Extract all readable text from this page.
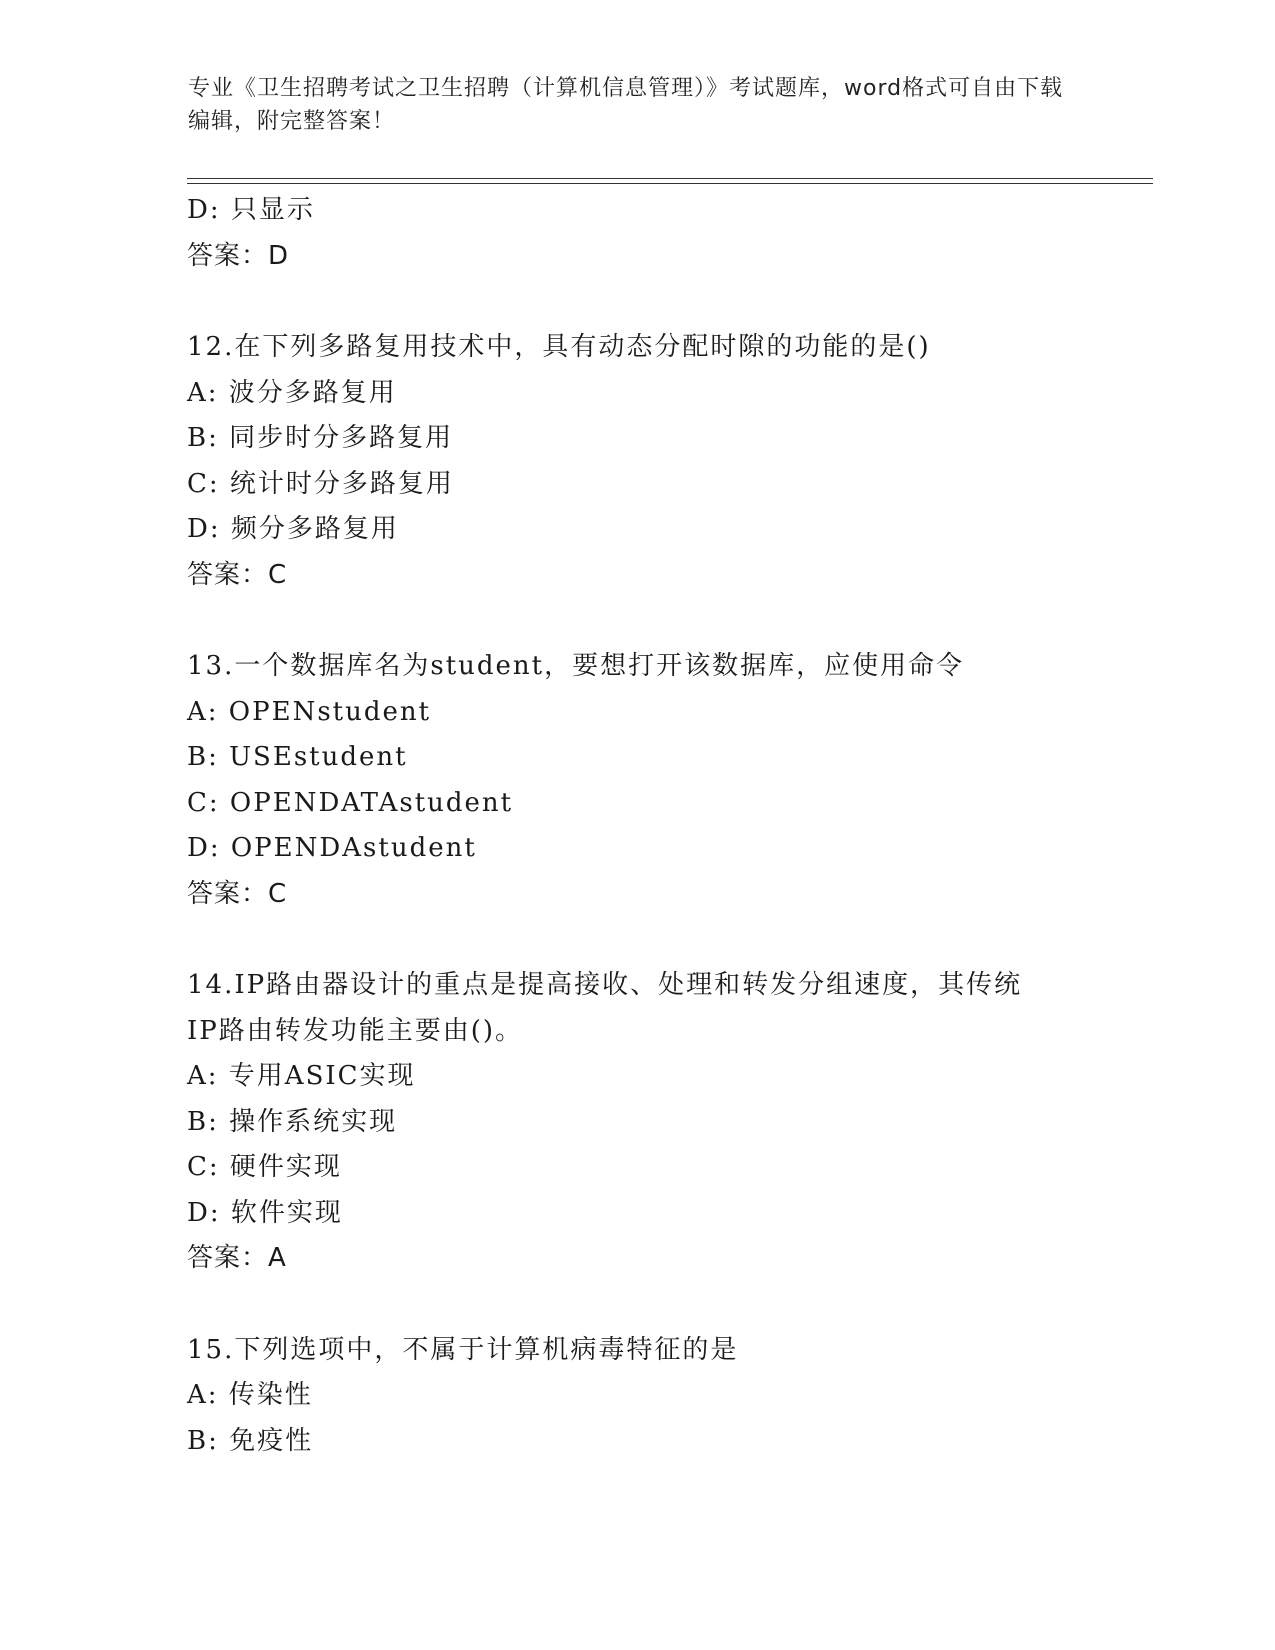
专业《卫生招聘考试之卫生招聘（计算机信息管理）》考试题库，word格式可自由下载编辑，附完整答案！
D: 只显示
答案：D
12.在下列多路复用技术中，具有动态分配时隙的功能的是()
A: 波分多路复用
B: 同步时分多路复用
C: 统计时分多路复用
D: 频分多路复用
答案：C
13.一个数据库名为student，要想打开该数据库，应使用命令
A: OPENstudent
B: USEstudent
C: OPENDATAstudent
D: OPENDAstudent
答案：C
14.IP路由器设计的重点是提高接收、处理和转发分组速度，其传统
IP路由转发功能主要由()。
A: 专用ASIC实现
B: 操作系统实现
C: 硬件实现
D: 软件实现
答案：A
15.下列选项中，不属于计算机病毒特征的是
A: 传染性
B: 免疫性
